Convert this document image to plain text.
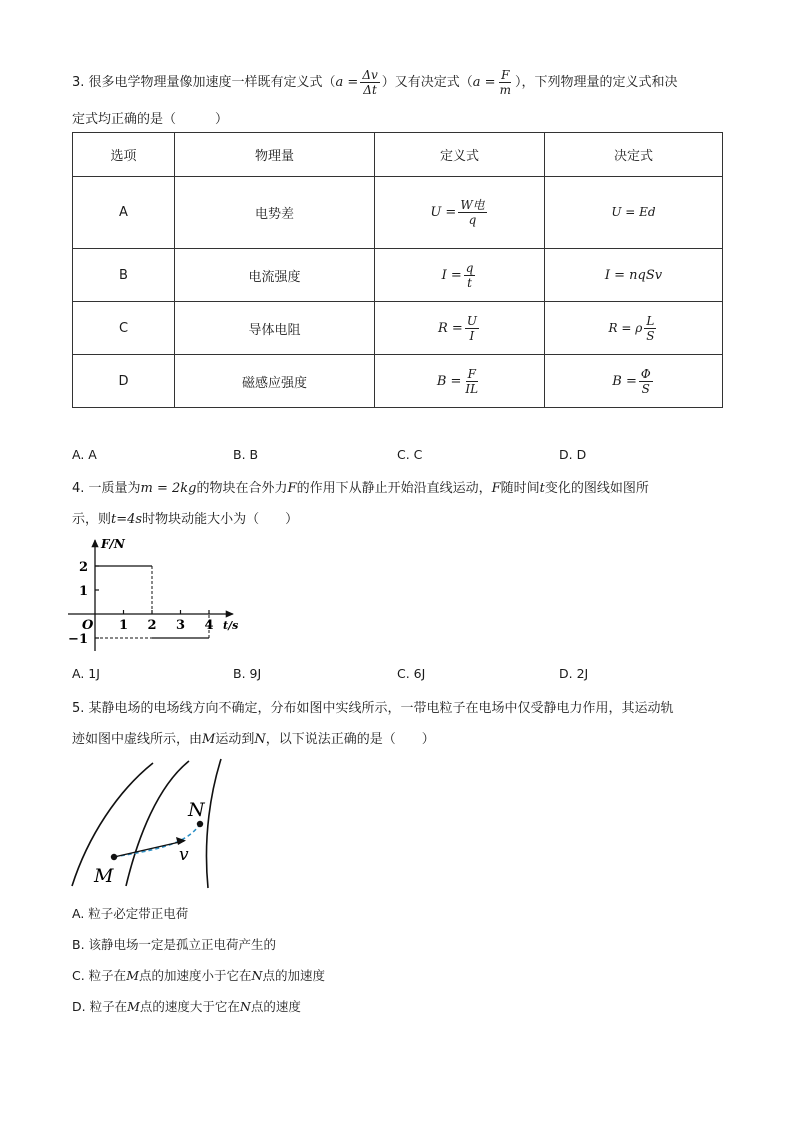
3. 很多电学物理量像加速度一样既有定义式（$a = \frac{\Delta v}{\Delta t}$ ）又有决定式（$a = \frac{F}{m}$ ），下列物理量的定义式和决
定式均正确的是（　　　）
选项	物理量	定义式	决定式
A	电势差	$U = \frac{\text{W电}}{q}$	U = Ed
B	电流强度	$I = \frac{q}{t}$	I = nqSv
C	导体电阻	$R = \frac{U}{I}$	R = ρ $\frac{L}{S}$

D	磁感应强度	$B = \frac{F}{IL}$	$B = \frac{\Phi}{S}$
A. A	B. B	C. C	D. D
4. 一质量为m = 2kg的物块在合外力F的作用下从静止开始沿直线运动，F随时间t变化的图线如图所
示，则t=4s时物块动能大小为（　　）
F/N
t/s
O 1 2 3 4
2
1
−1
A. 1J	B. 9J	C. 6J	D. 2J
5. 某静电场的电场线方向不确定，分布如图中实线所示，一带电粒子在电场中仅受静电力作用，其运动轨
迹如图中虚线所示，由M运动到N，以下说法正确的是（　　）
N
M
v
A. 粒子必定带正电荷
B. 该静电场一定是孤立正电荷产生的
C. 粒子在M点的加速度小于它在N点的加速度
D. 粒子在M点的速度大于它在N点的速度
